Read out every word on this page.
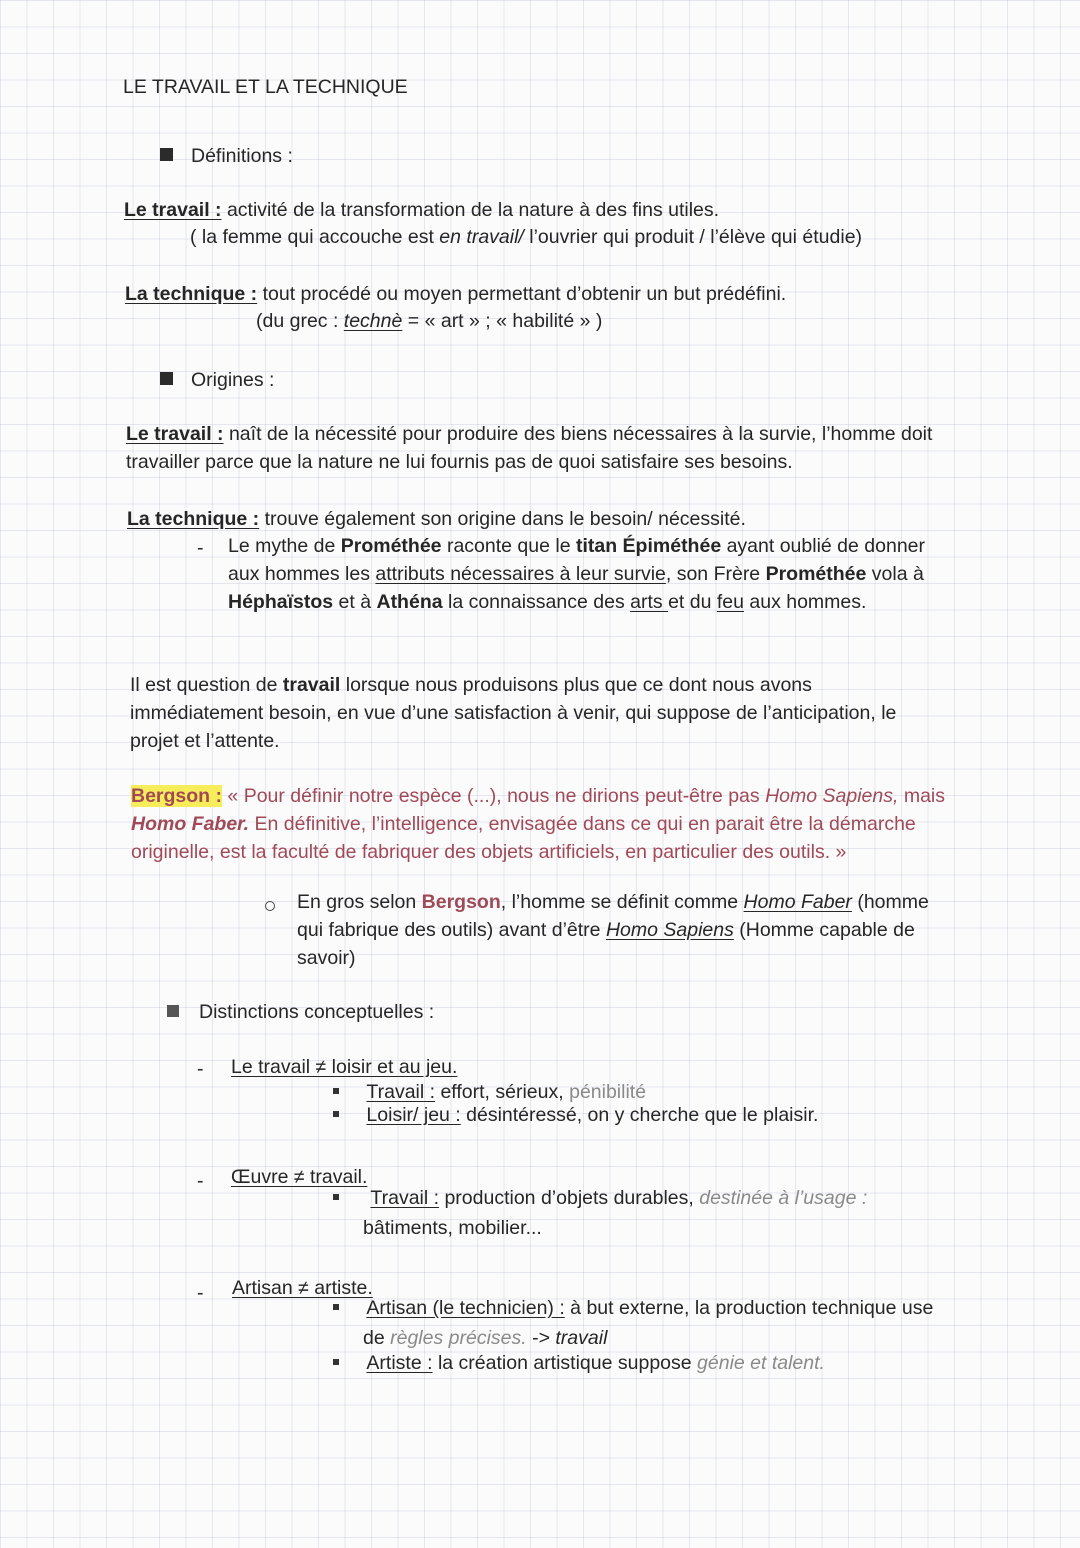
LE TRAVAIL ET LA TECHNIQUE
Définitions :
Le travail : activité de la transformation de la nature à des fins utiles.
( la femme qui accouche est en travail/ l’ouvrier qui produit / l’élève qui étudie)
La technique : tout procédé ou moyen permettant d’obtenir un but prédéfini.
(du grec : technè = « art » ; « habilité » )
Origines :
Le travail : naît de la nécessité pour produire des biens nécessaires à la survie, l’homme doit
travailler parce que la nature ne lui fournis pas de quoi satisfaire ses besoins.
La technique : trouve également son origine dans le besoin/ nécessité.
- Le mythe de Prométhée raconte que le titan Épiméthée ayant oublié de donner
aux hommes les attributs nécessaires à leur survie, son Frère Prométhée vola à
Héphaïstos et à Athéna la connaissance des arts et du feu aux hommes.
Il est question de travail lorsque nous produisons plus que ce dont nous avons
immédiatement besoin, en vue d’une satisfaction à venir, qui suppose de l’anticipation, le
projet et l’attente.
Bergson : « Pour définir notre espèce (...), nous ne dirions peut-être pas Homo Sapiens, mais
Homo Faber. En définitive, l’intelligence, envisagée dans ce qui en parait être la démarche
originelle, est la faculté de fabriquer des objets artificiels, en particulier des outils. »
En gros selon Bergson, l’homme se définit comme Homo Faber (homme
qui fabrique des outils) avant d’être Homo Sapiens (Homme capable de
savoir)
Distinctions conceptuelles :
- Le travail ≠ loisir et au jeu.
Travail : effort, sérieux, pénibilité
Loisir/ jeu : désintéressé, on y cherche que le plaisir.
- Œuvre ≠ travail.
Travail : production d’objets durables, destinée à l’usage :
bâtiments, mobilier...
- Artisan ≠ artiste.
Artisan (le technicien) : à but externe, la production technique use
de règles précises. -> travail
Artiste : la création artistique suppose génie et talent.
